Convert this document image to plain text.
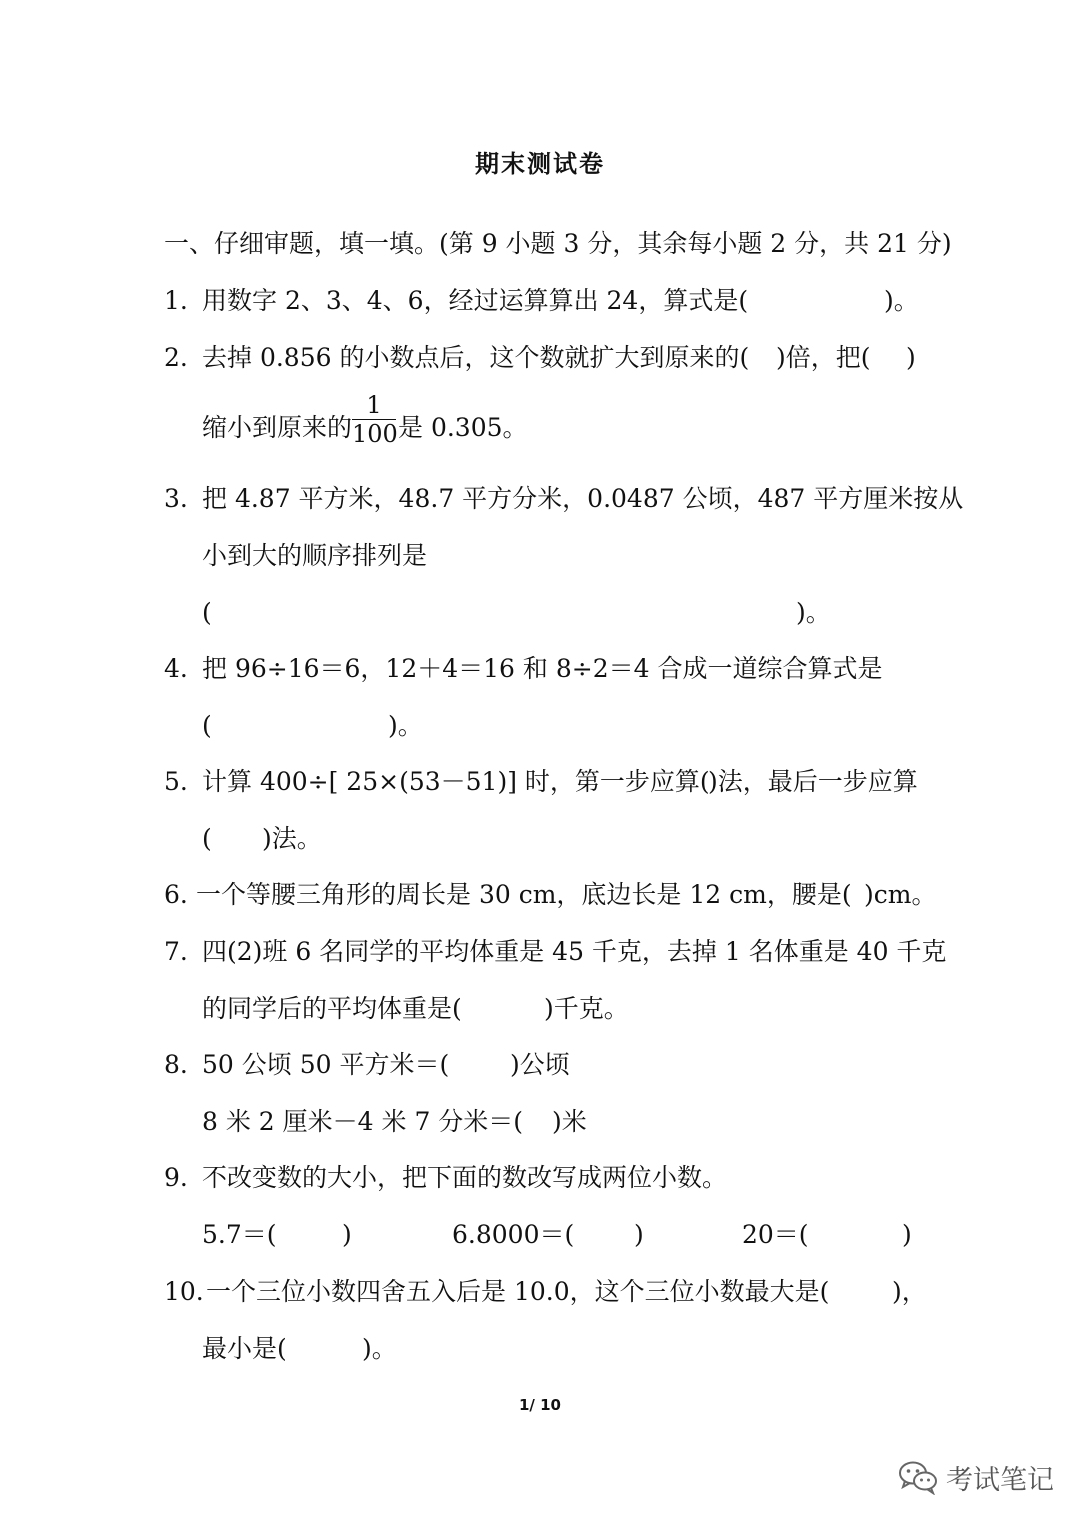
期末测试卷
一、仔细审题，填一填。(第 9 小题 3 分，其余每小题 2 分，共 21 分)
1. 用数字 2、3、4、6，经过运算算出 24，算式是(	)。
2. 去掉 0.856 的小数点后，这个数就扩大到原来的( )倍，把( )
缩小到原来的
1
100 是 0.305。
3. 把 4.87 平方米，48.7 平方分米，0.0487 公顷，487 平方厘米按从
小到大的顺序排列是
(	)。
4. 把 96÷16＝6，12＋4＝16 和 8÷2＝4 合成一道综合算式是
(	)。
5. 计算 400÷[ 25×(53－51)] 时，第一步应算(
)法，最后一步应算
( )法。
6. 一个等腰三角形的周长是 30 cm，底边长是 12 cm，腰是( )cm。
7. 四(2)班 6 名同学的平均体重是 45 千克，去掉 1 名体重是 40 千克
的同学后的平均体重是(	)千克。
8. 50 公顷 50 平方米＝( )公顷
8 米 2 厘米－4 米 7 分米＝( )米
9. 不改变数的大小，把下面的数改写成两位小数。
5.7＝(	)	6.8000＝( )	20＝(	)
10. 一个三位小数四舍五入后是 10.0，这个三位小数最大是(	)，
最小是(	)。
1/ 10
考试笔记
